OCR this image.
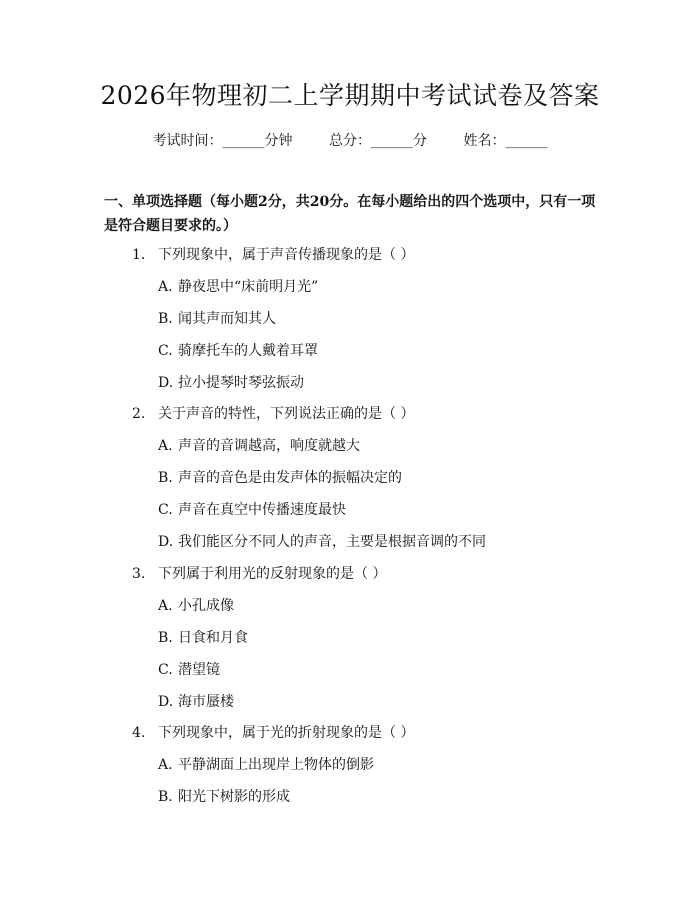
2026年物理初二上学期期中考试试卷及答案
考试时间：______分钟	总分：______分	姓名：______
一、单项选择题（每小题2分，共20分。在每小题给出的四个选项中，只有一项是符合题目要求的。）
1. 下列现象中，属于声音传播现象的是（ ）
A. 静夜思中“床前明月光”
B. 闻其声而知其人
C. 骑摩托车的人戴着耳罩
D. 拉小提琴时琴弦振动
2. 关于声音的特性，下列说法正确的是（ ）
A. 声音的音调越高，响度就越大
B. 声音的音色是由发声体的振幅决定的
C. 声音在真空中传播速度最快
D. 我们能区分不同人的声音，主要是根据音调的不同
3. 下列属于利用光的反射现象的是（ ）
A. 小孔成像
B. 日食和月食
C. 潜望镜
D. 海市蜃楼
4. 下列现象中，属于光的折射现象的是（ ）
A. 平静湖面上出现岸上物体的倒影
B. 阳光下树影的形成
